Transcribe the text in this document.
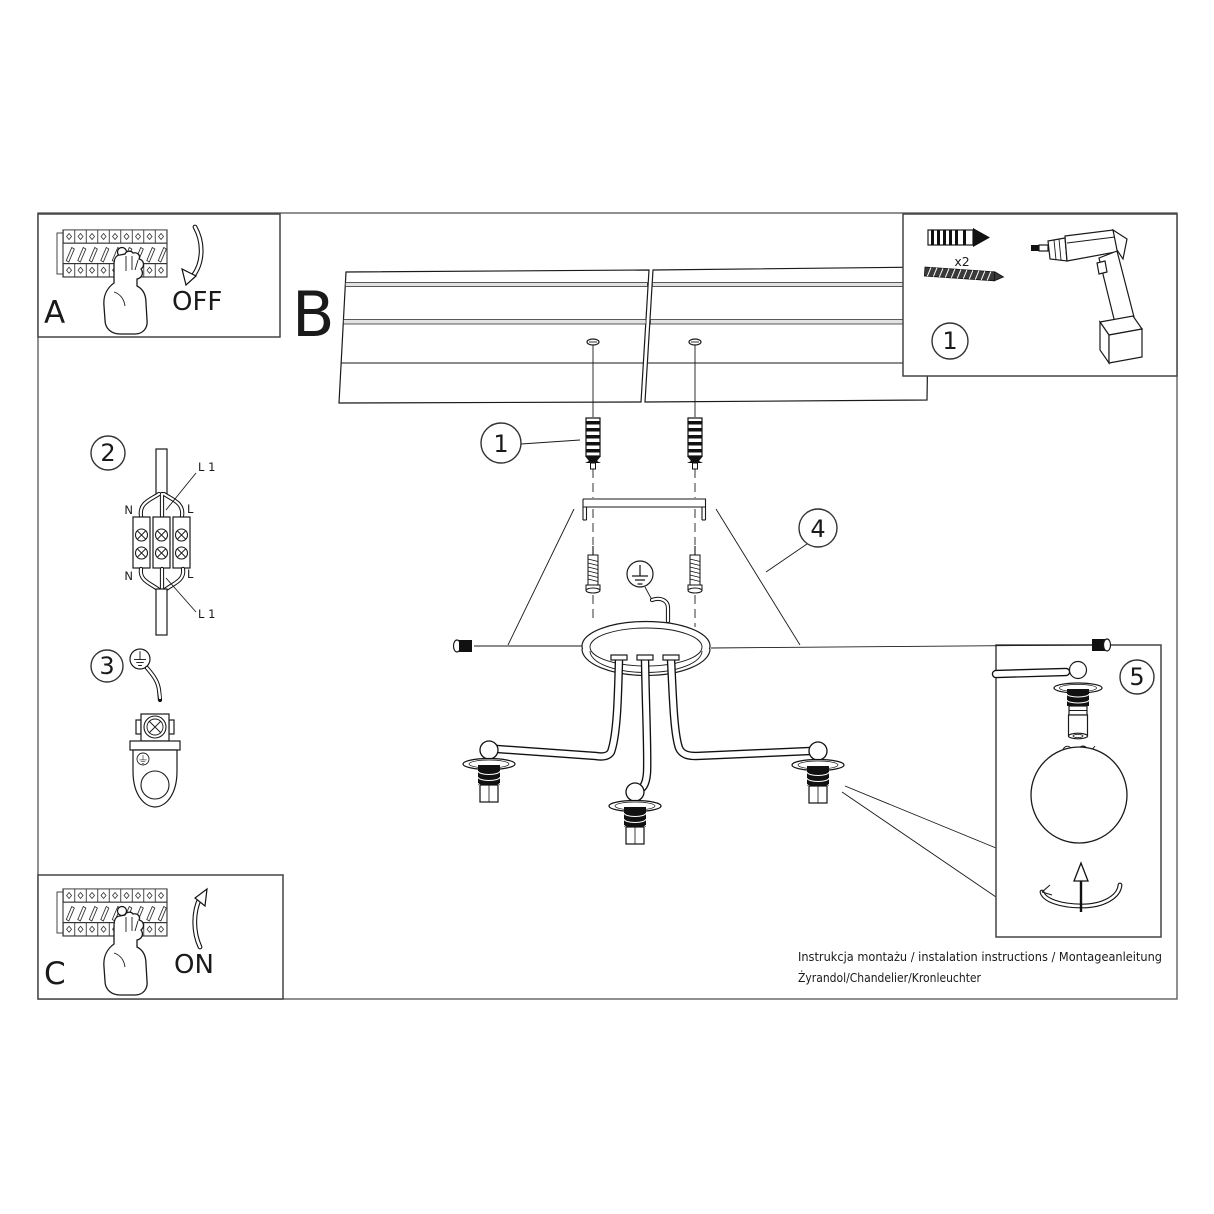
1
4
B
A	OFF
x2
1
2
N	L
N	L
L 1
L 1
3
C	ON
5
Instrukcja montażu / instalation instructions / Montageanleitung
Żyrandol/Chandelier/Kronleuchter
